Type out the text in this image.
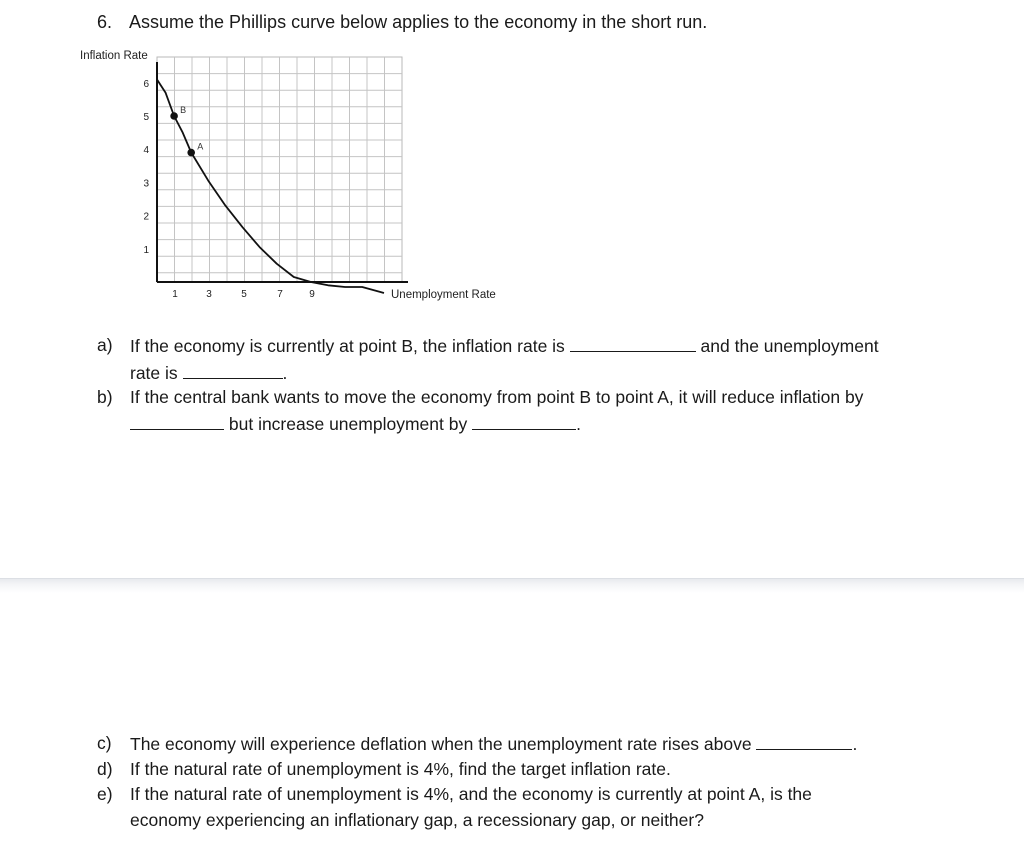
6. Assume the Phillips curve below applies to the economy in the short run.
B
A
1
2
3
4
5
6
1	3	5	7	9
Inflation Rate
Unemployment Rate
a) If the economy is currently at point B, the inflation rate is	and the unemployment
rate is	.
b) If the central bank wants to move the economy from point B to point A, it will reduce inflation by
but increase unemployment by	.
c) The economy will experience deflation when the unemployment rate rises above	.
d) If the natural rate of unemployment is 4%, find the target inflation rate.
e) If the natural rate of unemployment is 4%, and the economy is currently at point A, is the
economy experiencing an inflationary gap, a recessionary gap, or neither?
